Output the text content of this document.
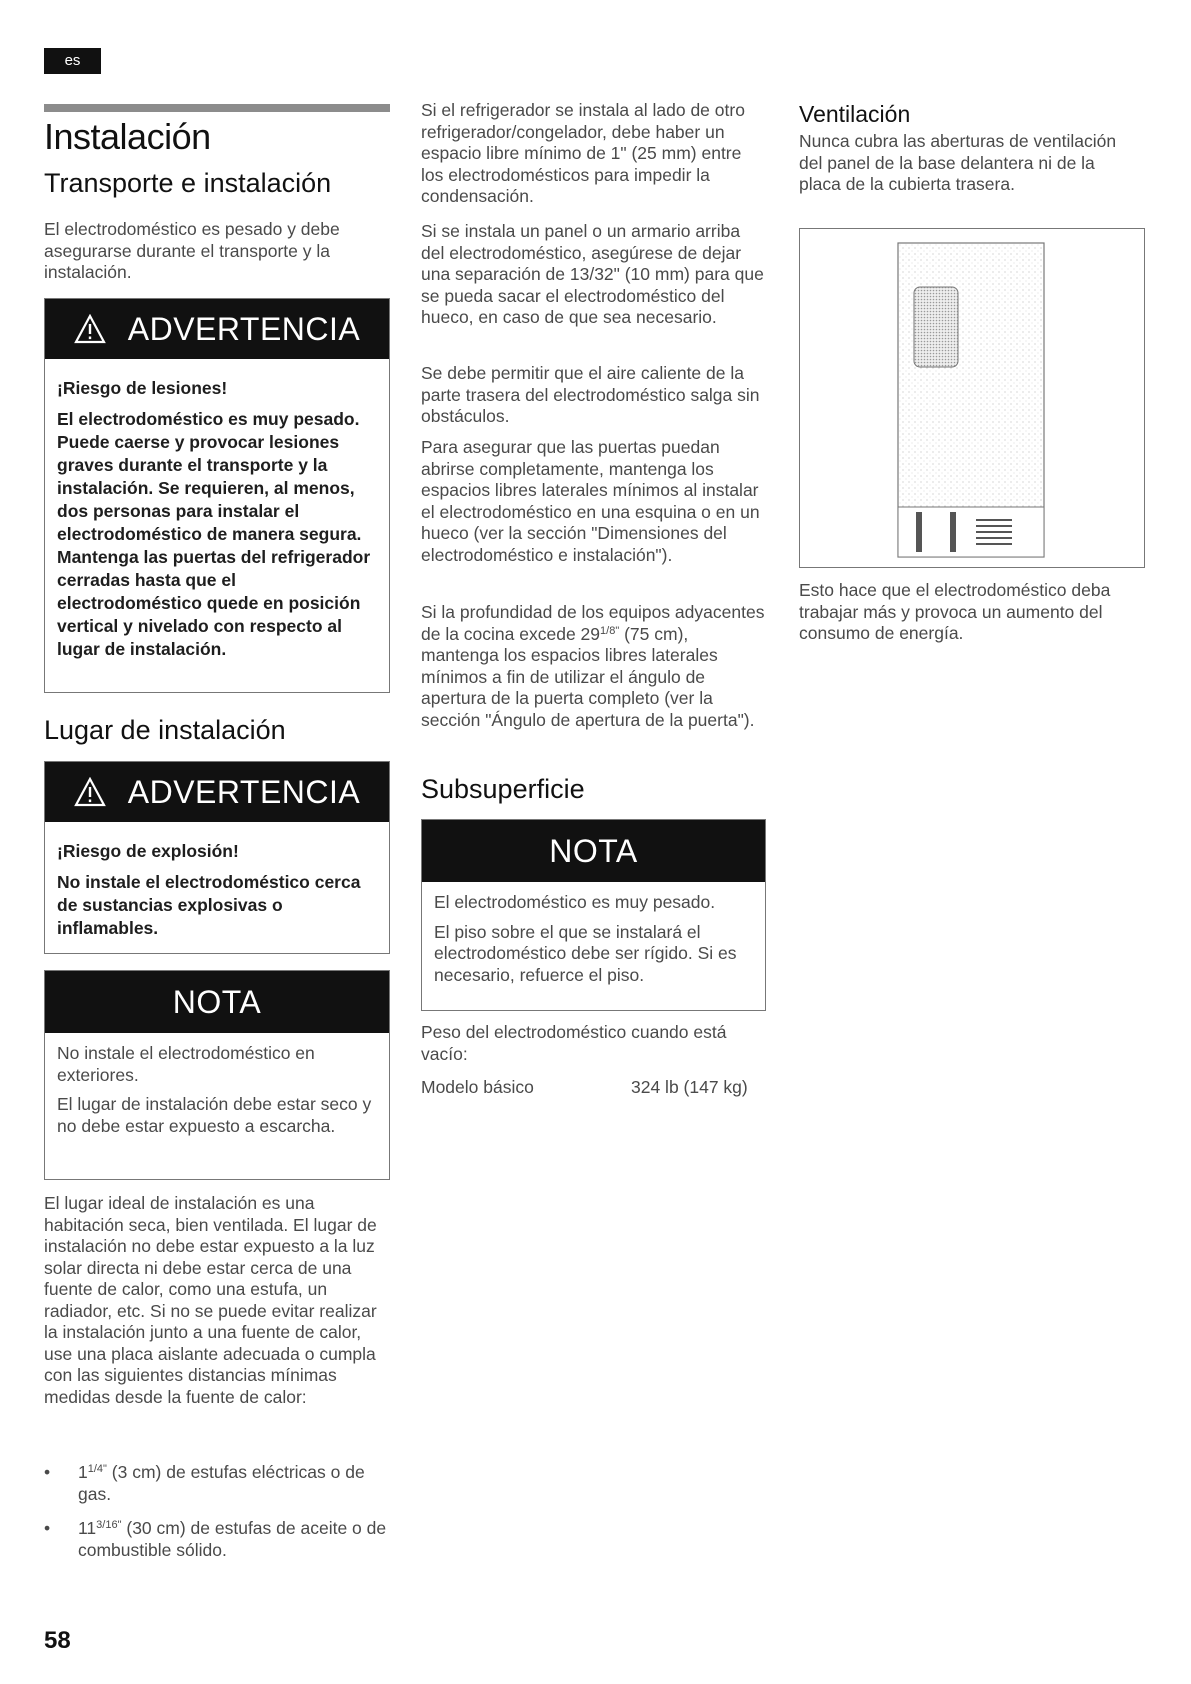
es
Instalación
Transporte e instalación

El electrodoméstico es pesado y debe asegurarse durante el transporte y la instalación.

ADVERTENCIA

¡Riesgo de lesiones!

El electrodoméstico es muy pesado. Puede caerse y provocar lesiones graves durante el transporte y la instalación. Se requieren, al menos, dos personas para instalar el electrodoméstico de manera segura. Mantenga las puertas del refrigerador cerradas hasta que el electrodoméstico quede en posición vertical y nivelado con respecto al lugar de instalación.

Lugar de instalación
ADVERTENCIA

¡Riesgo de explosión!

No instale el electrodoméstico cerca de sustancias explosivas o inflamables.

NOTA

No instale el electrodoméstico en exteriores.

El lugar de instalación debe estar seco y no debe estar expuesto a escarcha.

El lugar ideal de instalación es una habitación seca, bien ventilada. El lugar de instalación no debe estar expuesto a la luz solar directa ni debe estar cerca de una fuente de calor, como una estufa, un radiador, etc. Si no se puede evitar realizar la instalación junto a una fuente de calor, use una placa aislante adecuada o cumpla con las siguientes distancias mínimas medidas desde la fuente de calor:

• $1^{1/4"}$ (3 cm) de estufas eléctricas o de gas.
• $11^{3/16"}$ (30 cm) de estufas de aceite o de combustible sólido.

Si el refrigerador se instala al lado de otro refrigerador/congelador, debe haber un espacio libre mínimo de 1" (25 mm) entre los electrodomésticos para impedir la condensación.

Si se instala un panel o un armario arriba del electrodoméstico, asegúrese de dejar una separación de 13/32" (10 mm) para que se pueda sacar el electrodoméstico del hueco, en caso de que sea necesario.

Se debe permitir que el aire caliente de la parte trasera del electrodoméstico salga sin obstáculos.

Para asegurar que las puertas puedan abrirse completamente, mantenga los espacios libres laterales mínimos al instalar el electrodoméstico en una esquina o en un hueco (ver la sección "Dimensiones del electrodoméstico e instalación").

Si la profundidad de los equipos adyacentes de la cocina excede $29^{1/8"}$ (75 cm), mantenga los espacios libres laterales mínimos a fin de utilizar el ángulo de apertura de la puerta completo (ver la sección "Ángulo de apertura de la puerta").

Subsuperficie
NOTA

El electrodoméstico es muy pesado.

El piso sobre el que se instalará el electrodoméstico debe ser rígido. Si es necesario, refuerce el piso.

Peso del electrodoméstico cuando está vacío:

Modelo básico	324 lb (147 kg)
Ventilación

Nunca cubra las aberturas de ventilación del panel de la base delantera ni de la placa de la cubierta trasera.

Esto hace que el electrodoméstico deba trabajar más y provoca un aumento del consumo de energía.

58
